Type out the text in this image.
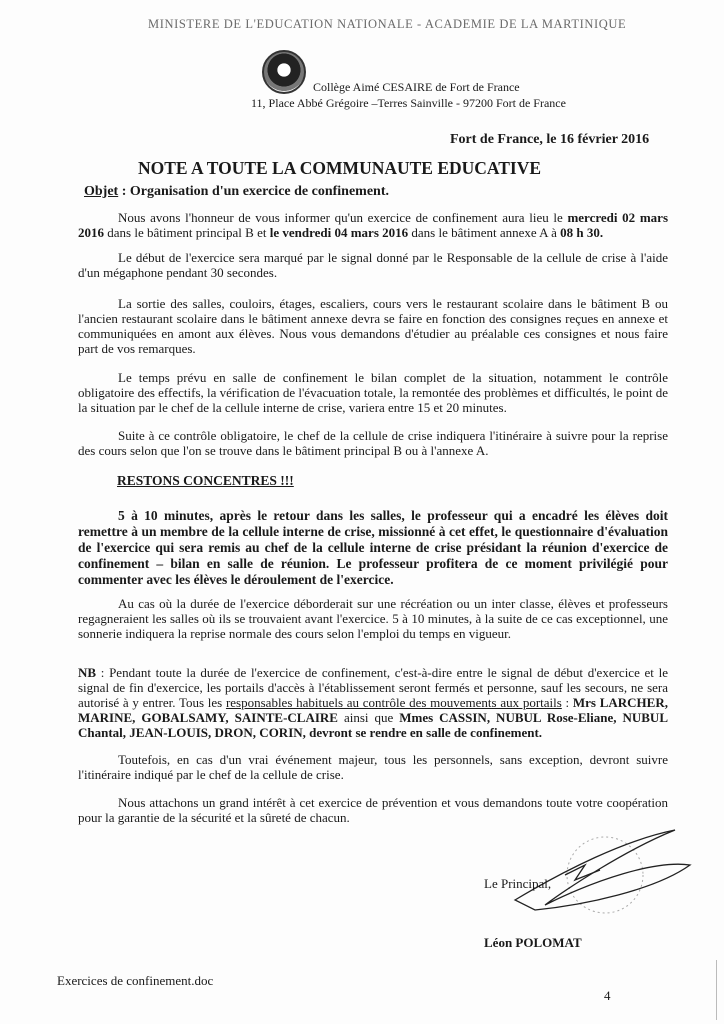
MINISTERE DE L'EDUCATION NATIONALE - ACADEMIE DE LA MARTINIQUE
Collège Aimé CESAIRE de Fort de France
11, Place Abbé Grégoire –Terres Sainville - 97200 Fort de France
Fort de France, le 16 février 2016
NOTE A TOUTE LA COMMUNAUTE EDUCATIVE
Objet : Organisation d'un exercice de confinement.

Nous avons l'honneur de vous informer qu'un exercice de confinement aura lieu le mercredi 02 mars 2016 dans le bâtiment principal B et le vendredi 04 mars 2016 dans le bâtiment annexe A à 08 h 30.

Le début de l'exercice sera marqué par le signal donné par le Responsable de la cellule de crise à l'aide d'un mégaphone pendant 30 secondes.

La sortie des salles, couloirs, étages, escaliers, cours vers le restaurant scolaire dans le bâtiment B ou l'ancien restaurant scolaire dans le bâtiment annexe devra se faire en fonction des consignes reçues en annexe et communiquées en amont aux élèves. Nous vous demandons d'étudier au préalable ces consignes et nous faire part de vos remarques.

Le temps prévu en salle de confinement le bilan complet de la situation, notamment le contrôle obligatoire des effectifs, la vérification de l'évacuation totale, la remontée des problèmes et difficultés, le point de la situation par le chef de la cellule interne de crise, variera entre 15 et 20 minutes.

Suite à ce contrôle obligatoire, le chef de la cellule de crise indiquera l'itinéraire à suivre pour la reprise des cours selon que l'on se trouve dans le bâtiment principal B ou à l'annexe A.

RESTONS CONCENTRES !!!

5 à 10 minutes, après le retour dans les salles, le professeur qui a encadré les élèves doit remettre à un membre de la cellule interne de crise, missionné à cet effet, le questionnaire d'évaluation de l'exercice qui sera remis au chef de la cellule interne de crise présidant la réunion d'exercice de confinement – bilan en salle de réunion. Le professeur profitera de ce moment privilégié pour commenter avec les élèves le déroulement de l'exercice.

Au cas où la durée de l'exercice déborderait sur une récréation ou un inter classe, élèves et professeurs regagneraient les salles où ils se trouvaient avant l'exercice. 5 à 10 minutes, à la suite de ce cas exceptionnel, une sonnerie indiquera la reprise normale des cours selon l'emploi du temps en vigueur.

NB : Pendant toute la durée de l'exercice de confinement, c'est-à-dire entre le signal de début d'exercice et le signal de fin d'exercice, les portails d'accès à l'établissement seront fermés et personne, sauf les secours, ne sera autorisé à y entrer. Tous les responsables habituels au contrôle des mouvements aux portails : Mrs LARCHER, MARINE, GOBALSAMY, SAINTE-CLAIRE ainsi que Mmes CASSIN, NUBUL Rose-Eliane, NUBUL Chantal, JEAN-LOUIS, DRON, CORIN, devront se rendre en salle de confinement.

Toutefois, en cas d'un vrai événement majeur, tous les personnels, sans exception, devront suivre l'itinéraire indiqué par le chef de la cellule de crise.

Nous attachons un grand intérêt à cet exercice de prévention et vous demandons toute votre coopération pour la garantie de la sécurité et la sûreté de chacun.

Le Principal,
Léon POLOMAT
Exercices de confinement.doc
4
